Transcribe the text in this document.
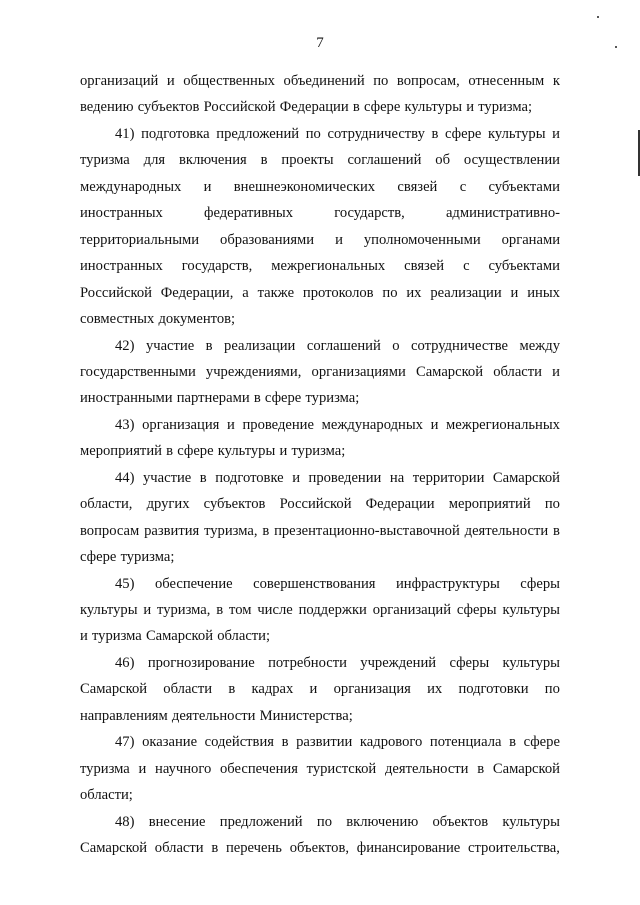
7
организаций и общественных объединений по вопросам, отнесенным к
ведению субъектов Российской Федерации в сфере культуры и туризма;
41) подготовка предложений по сотрудничеству в сфере культуры и
туризма для включения в проекты соглашений об осуществлении
международных и внешнеэкономических связей с субъектами
иностранных	федеративных	государств,	административно-
территориальными образованиями и уполномоченными органами
иностранных государств, межрегиональных связей с субъектами
Российской Федерации, а также протоколов по их реализации и иных
совместных документов;
42) участие в реализации соглашений о сотрудничестве между
государственными учреждениями, организациями Самарской области и
иностранными партнерами в сфере туризма;
43) организация и проведение международных и межрегиональных
мероприятий в сфере культуры и туризма;
44) участие в подготовке и проведении на территории Самарской
области, других субъектов Российской Федерации мероприятий по
вопросам развития туризма, в презентационно-выставочной деятельности в
сфере туризма;
45) обеспечение совершенствования инфраструктуры сферы
культуры и туризма, в том числе поддержки организаций сферы культуры
и туризма Самарской области;
46) прогнозирование потребности учреждений сферы культуры
Самарской области в кадрах и организация их подготовки по
направлениям деятельности Министерства;
47) оказание содействия в развитии кадрового потенциала в сфере
туризма и научного обеспечения туристской деятельности в Самарской
области;
48) внесение предложений по включению объектов культуры
Самарской области в перечень объектов, финансирование строительства,
